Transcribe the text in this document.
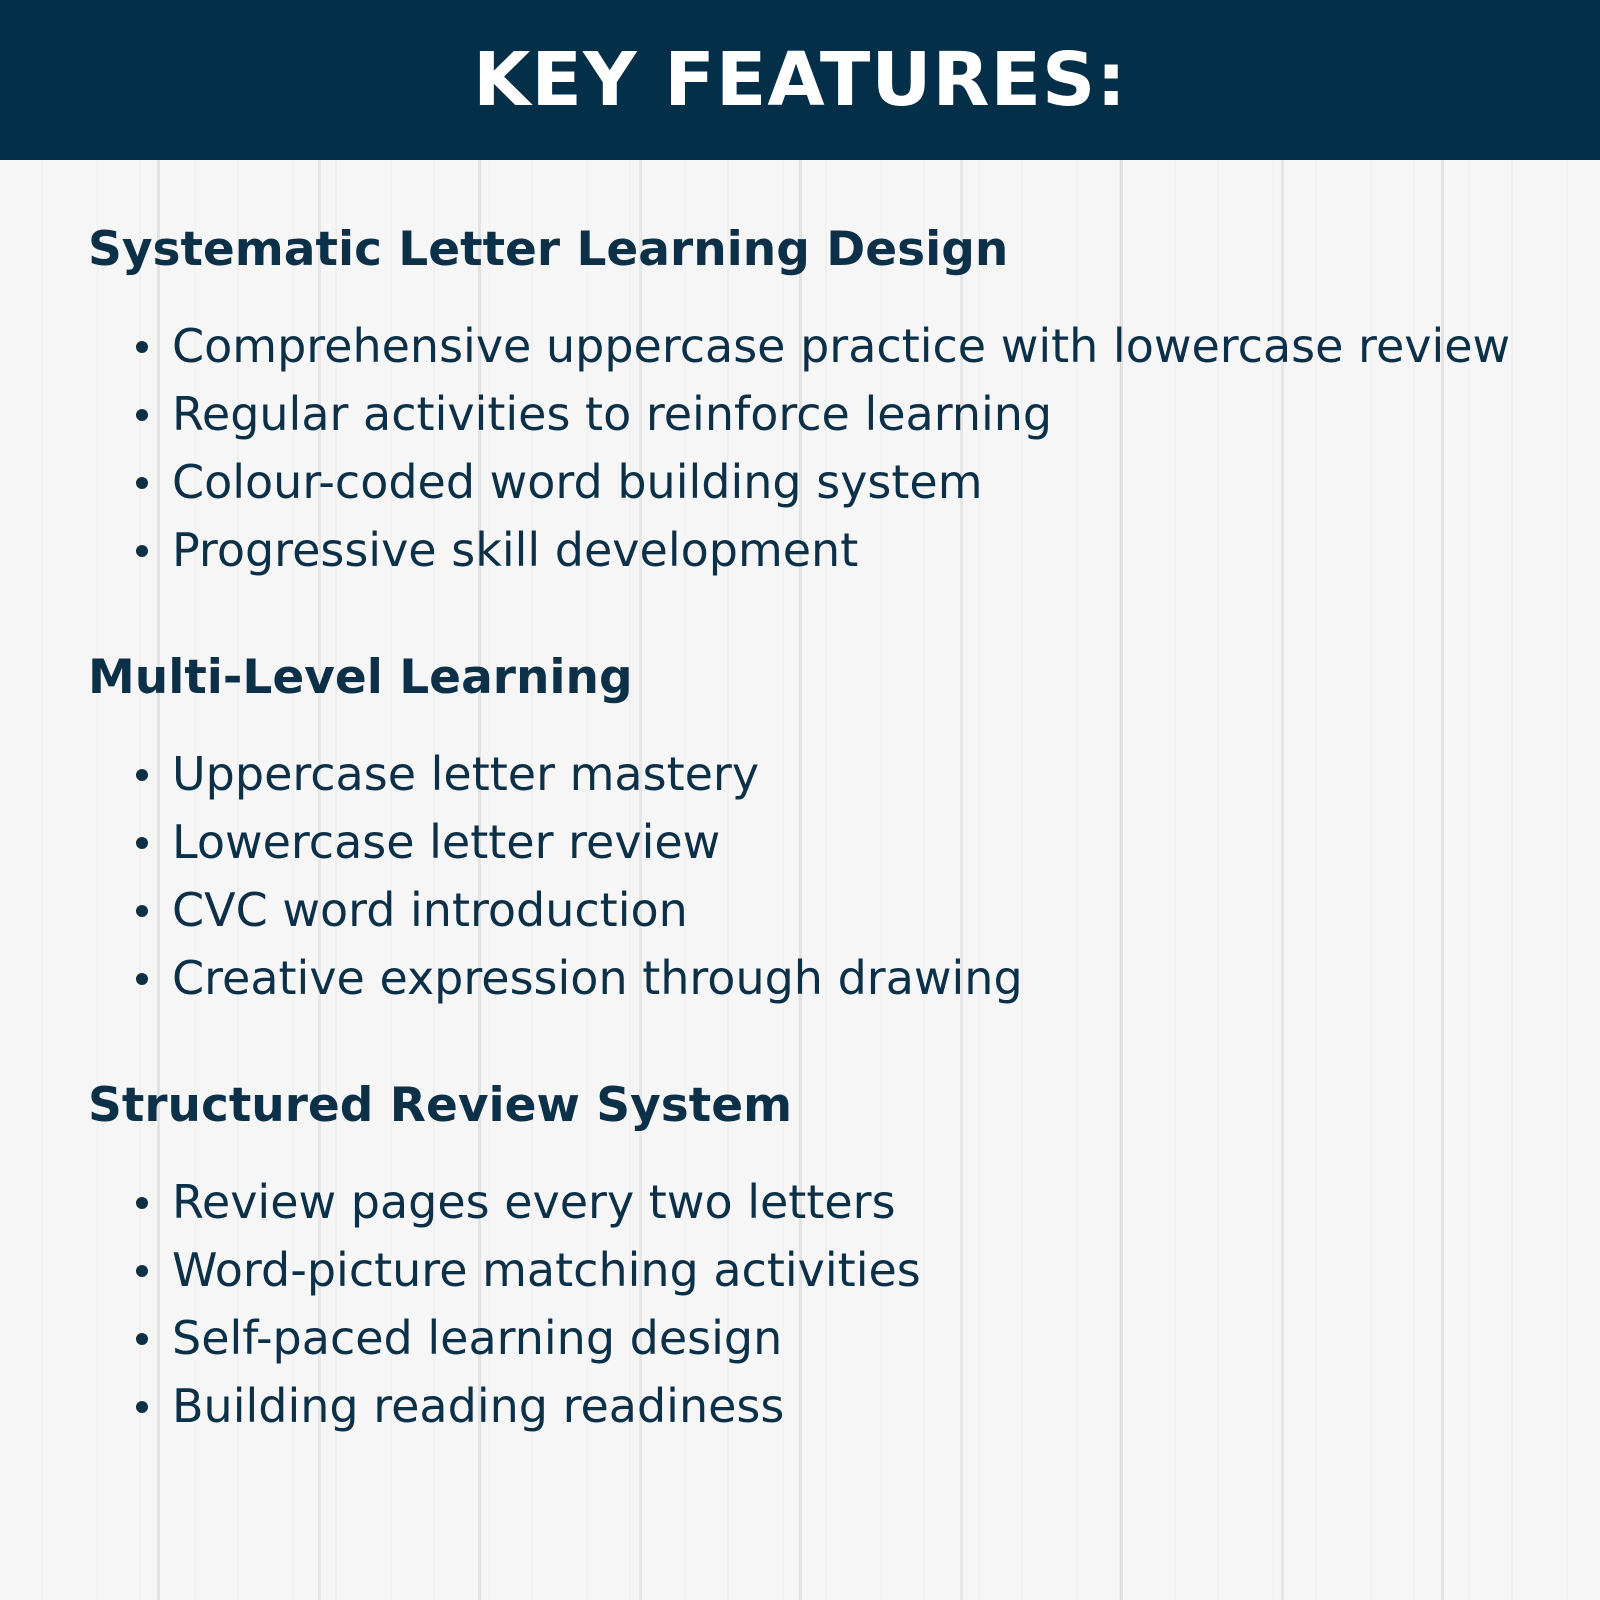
KEY FEATURES:
Systematic Letter Learning Design
Comprehensive uppercase practice with lowercase review
Regular activities to reinforce learning
Colour-coded word building system
Progressive skill development
Multi-Level Learning
Uppercase letter mastery
Lowercase letter review
CVC word introduction
Creative expression through drawing
Structured Review System
Review pages every two letters
Word-picture matching activities
Self-paced learning design
Building reading readiness
